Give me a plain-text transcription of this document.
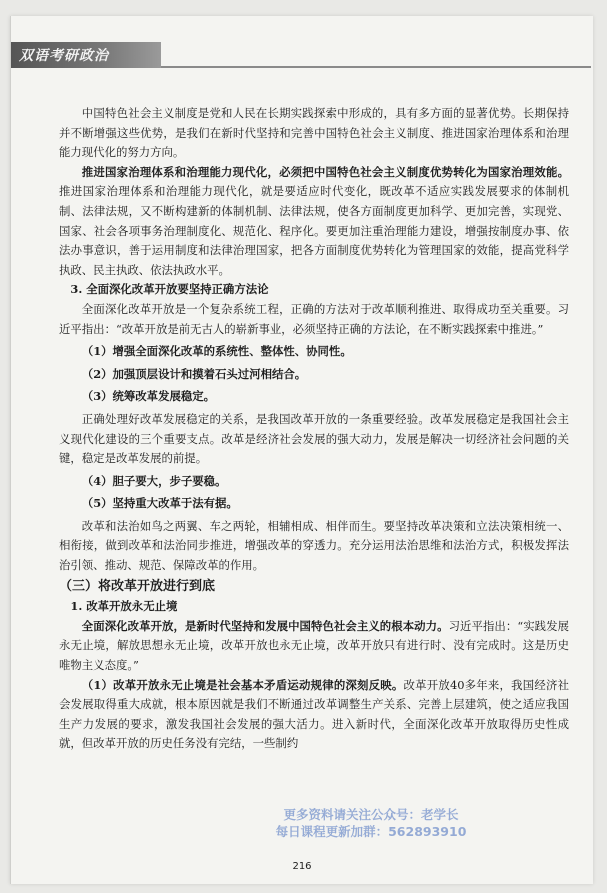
双语考研政治

中国特色社会主义制度是党和人民在长期实践探索中形成的，具有多方面的显著优势。长期保持并不断增强这些优势，是我们在新时代坚持和完善中国特色社会主义制度、推进国家治理体系和治理能力现代化的努力方向。

推进国家治理体系和治理能力现代化，必须把中国特色社会主义制度优势转化为国家治理效能。推进国家治理体系和治理能力现代化，就是要适应时代变化，既改革不适应实践发展要求的体制机制、法律法规，又不断构建新的体制机制、法律法规，使各方面制度更加科学、更加完善，实现党、国家、社会各项事务治理制度化、规范化、程序化。要更加注重治理能力建设，增强按制度办事、依法办事意识，善于运用制度和法律治理国家，把各方面制度优势转化为管理国家的效能，提高党科学执政、民主执政、依法执政水平。

3. 全面深化改革开放要坚持正确方法论

全面深化改革开放是一个复杂系统工程，正确的方法对于改革顺利推进、取得成功至关重要。习近平指出：“改革开放是前无古人的崭新事业，必须坚持正确的方法论，在不断实践探索中推进。”

（1）增强全面深化改革的系统性、整体性、协同性。

（2）加强顶层设计和摸着石头过河相结合。

（3）统筹改革发展稳定。

正确处理好改革发展稳定的关系，是我国改革开放的一条重要经验。改革发展稳定是我国社会主义现代化建设的三个重要支点。改革是经济社会发展的强大动力，发展是解决一切经济社会问题的关键，稳定是改革发展的前提。

（4）胆子要大，步子要稳。

（5）坚持重大改革于法有据。

改革和法治如鸟之两翼、车之两轮，相辅相成、相伴而生。要坚持改革决策和立法决策相统一、相衔接，做到改革和法治同步推进，增强改革的穿透力。充分运用法治思维和法治方式，积极发挥法治引领、推动、规范、保障改革的作用。

（三）将改革开放进行到底

1. 改革开放永无止境

全面深化改革开放，是新时代坚持和发展中国特色社会主义的根本动力。习近平指出：“实践发展永无止境，解放思想永无止境，改革开放也永无止境，改革开放只有进行时、没有完成时。这是历史唯物主义态度。”

（1）改革开放永无止境是社会基本矛盾运动规律的深刻反映。改革开放40多年来，我国经济社会发展取得重大成就，根本原因就是我们不断通过改革调整生产关系、完善上层建筑，使之适应我国生产力发展的要求，激发我国社会发展的强大活力。进入新时代，全面深化改革开放取得历史性成就，但改革开放的历史任务没有完结，一些制约

更多资料请关注公众号：老学长
每日课程更新加群：562893910
216
